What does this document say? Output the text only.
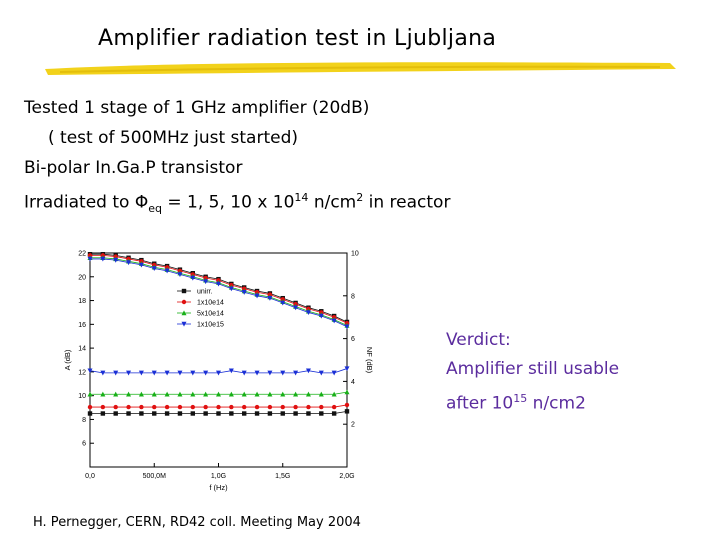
Amplifier radiation test in Ljubljana
Tested 1 stage of 1 GHz amplifier (20dB)
( test of 500MHz just started)
Bi-polar In.Ga.P transistor
Irradiated to $\Phi_{eq} = 1$, 5, 10 x $10^{14}$ $n/cm^2$ in reactor
0,0	500,0M	1,0G	1,5G	2,0G
6
8
10
12
14
16
18
20
22
2
4
6
8
10
f (Hz)
A (dB)	NF (dB)
unirr.
1x10e14
5x10e14
1x10e15
Verdict:
Amplifier still usable
after $10^{15}$ n/cm2
H. Pernegger, CERN, RD42 coll. Meeting May 2004
